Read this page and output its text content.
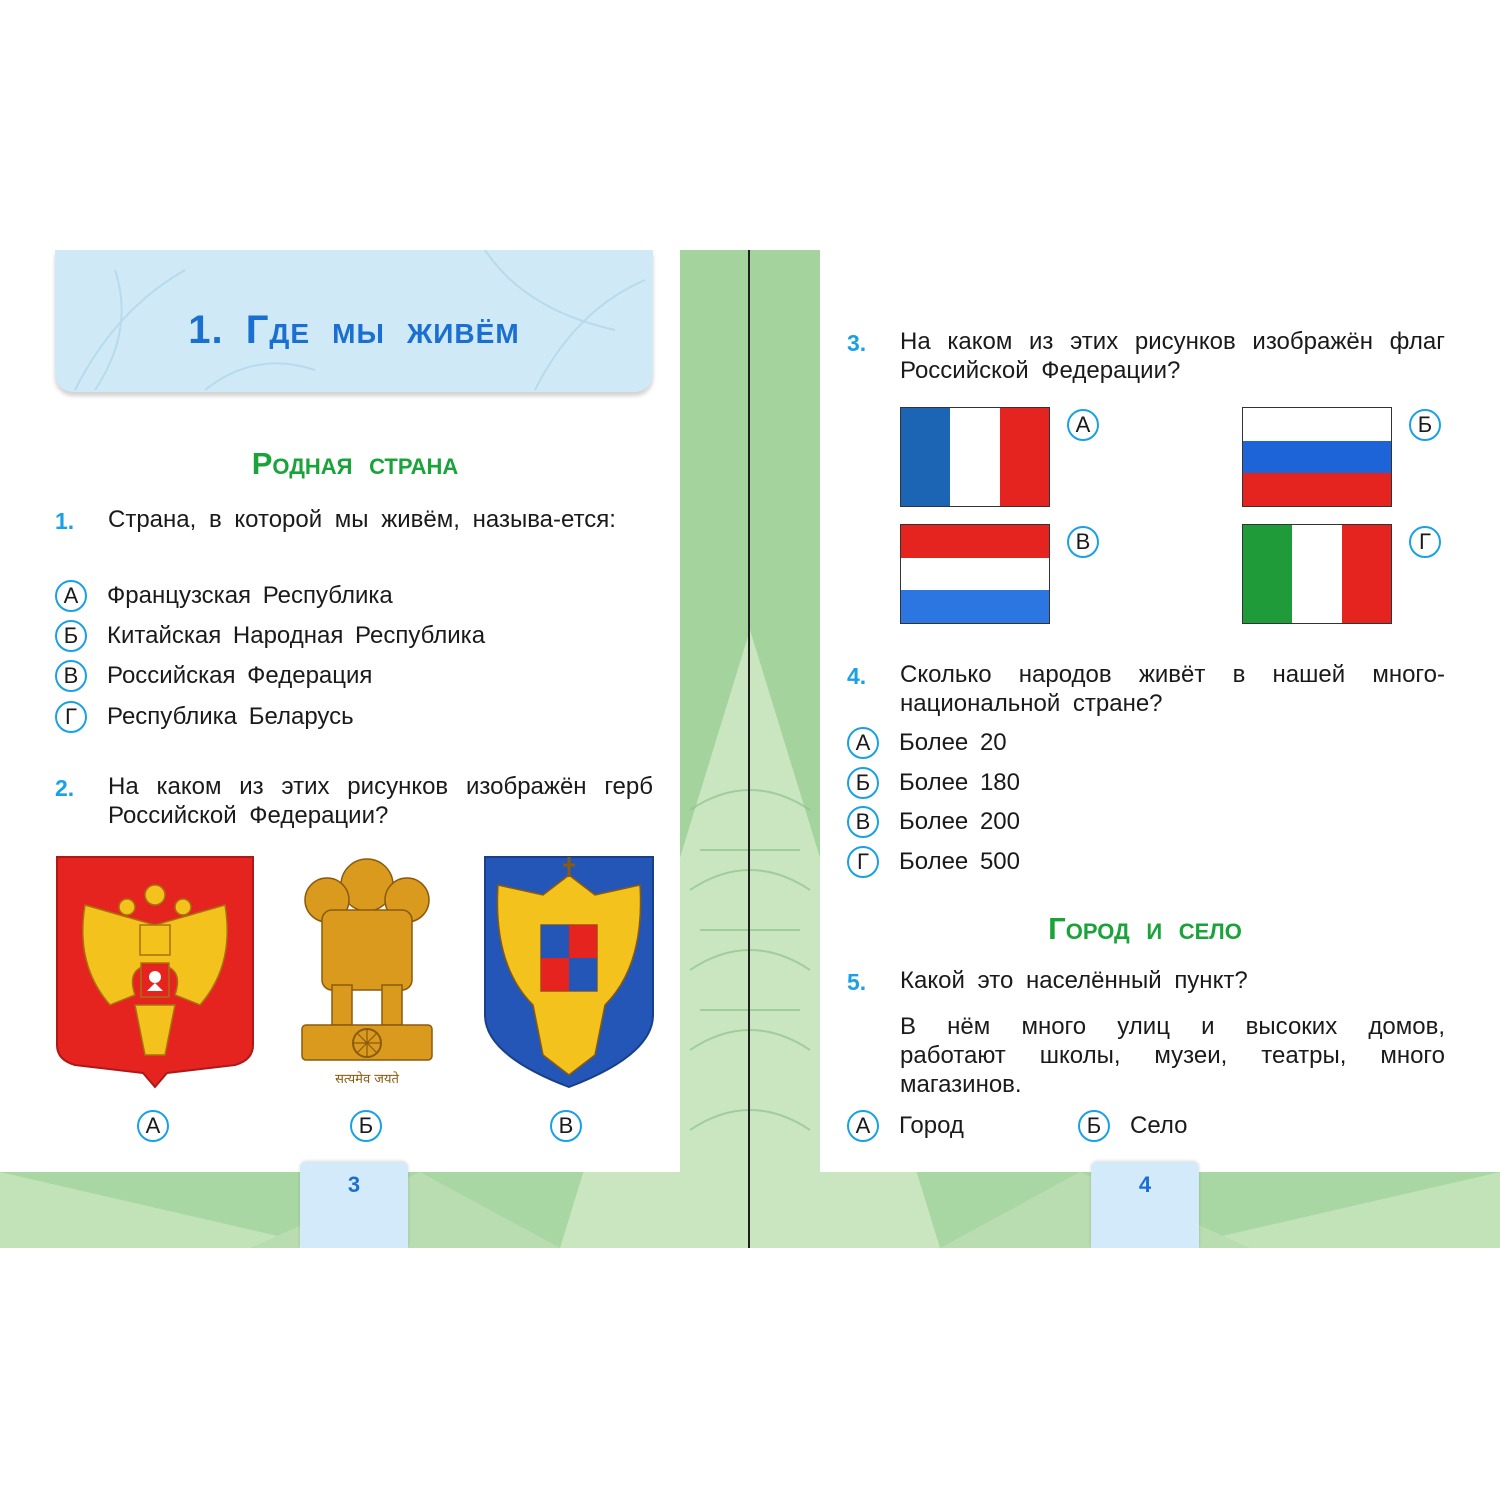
1. Где мы живём
Родная страна
1. Страна, в которой мы живём, называ-ется:
А	Французская Республика
Б	Китайская Народная Республика
В	Российская Федерация
Г	Республика Беларусь
2. На каком из этих рисунков изображён герб Российской Федерации?
सत्यमेव जयते
А	Б	В
3
3. На каком из этих рисунков изображён флаг Российской Федерации?
А	Б
В	Г
4. Сколько народов живёт в нашей много-национальной стране?
А	Более 20
Б	Более 180
В	Более 200
Г	Более 500
Город и село
5. Какой это населённый пункт?
В нём много улиц и высоких домов, работают школы, музеи, театры, много магазинов.
А	Город	Б	Село
4
